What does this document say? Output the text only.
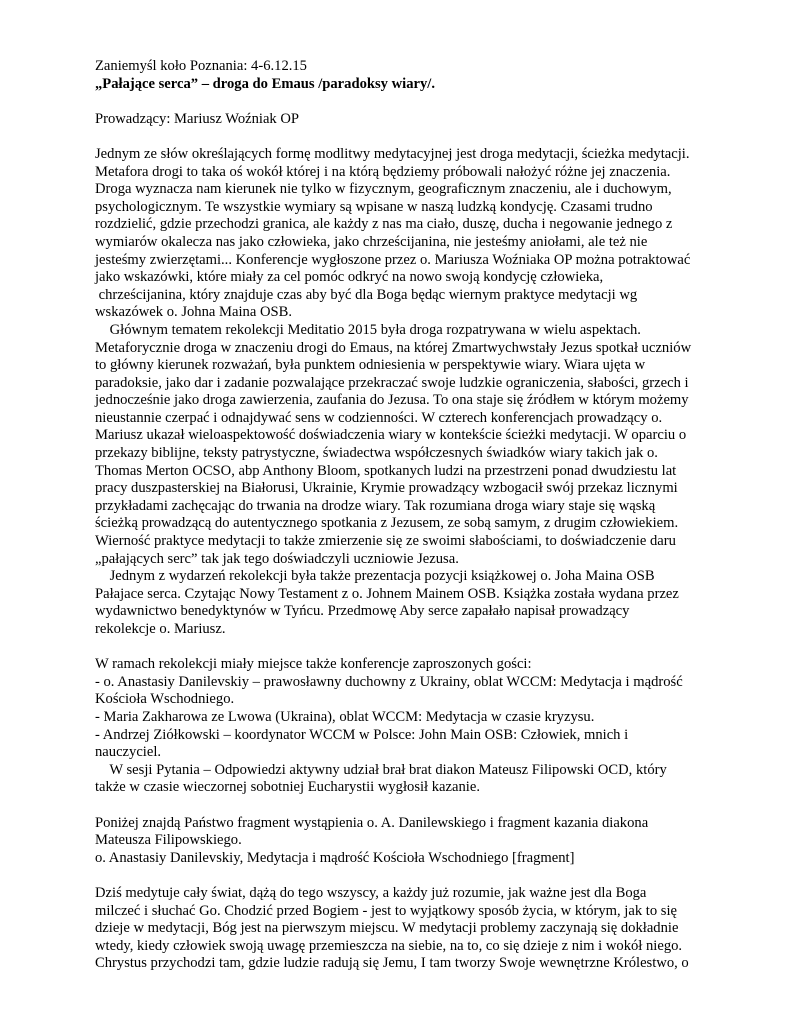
Zaniemyśl koło Poznania: 4-6.12.15
„Pałające serca” – droga do Emaus /paradoksy wiary/.
Prowadzący: Mariusz Woźniak OP
Jednym ze słów określających formę modlitwy medytacyjnej jest droga medytacji, ścieżka medytacji.
Metafora drogi to taka oś wokół której i na którą będziemy próbowali nałożyć różne jej znaczenia.
Droga wyznacza nam kierunek nie tylko w fizycznym, geograficznym znaczeniu, ale i duchowym,
psychologicznym. Te wszystkie wymiary są wpisane w naszą ludzką kondycję. Czasami trudno
rozdzielić, gdzie przechodzi granica, ale każdy z nas ma ciało, duszę, ducha i negowanie jednego z
wymiarów okalecza nas jako człowieka, jako chrześcijanina, nie jesteśmy aniołami, ale też nie
jesteśmy zwierzętami... Konferencje wygłoszone przez o. Mariusza Woźniaka OP można potraktować
jako wskazówki, które miały za cel pomóc odkryć na nowo swoją kondycję człowieka,
chrześcijanina, który znajduje czas aby być dla Boga będąc wiernym praktyce medytacji wg
wskazówek o. Johna Maina OSB.
Głównym tematem rekolekcji Meditatio 2015 była droga rozpatrywana w wielu aspektach.
Metaforycznie droga w znaczeniu drogi do Emaus, na której Zmartwychwstały Jezus spotkał uczniów
to główny kierunek rozważań, była punktem odniesienia w perspektywie wiary. Wiara ujęta w
paradoksie, jako dar i zadanie pozwalające przekraczać swoje ludzkie ograniczenia, słabości, grzech i
jednocześnie jako droga zawierzenia, zaufania do Jezusa. To ona staje się źródłem w którym możemy
nieustannie czerpać i odnajdywać sens w codzienności. W czterech konferencjach prowadzący o.
Mariusz ukazał wieloaspektowość doświadczenia wiary w kontekście ścieżki medytacji. W oparciu o
przekazy biblijne, teksty patrystyczne, świadectwa współczesnych świadków wiary takich jak o.
Thomas Merton OCSO, abp Anthony Bloom, spotkanych ludzi na przestrzeni ponad dwudziestu lat
pracy duszpasterskiej na Białorusi, Ukrainie, Krymie prowadzący wzbogacił swój przekaz licznymi
przykładami zachęcając do trwania na drodze wiary. Tak rozumiana droga wiary staje się wąską
ścieżką prowadzącą do autentycznego spotkania z Jezusem, ze sobą samym, z drugim człowiekiem.
Wierność praktyce medytacji to także zmierzenie się ze swoimi słabościami, to doświadczenie daru
„pałających serc” tak jak tego doświadczyli uczniowie Jezusa.
Jednym z wydarzeń rekolekcji była także prezentacja pozycji książkowej o. Joha Maina OSB
Pałajace serca. Czytając Nowy Testament z o. Johnem Mainem OSB. Książka została wydana przez
wydawnictwo benedyktynów w Tyńcu. Przedmowę Aby serce zapałało napisał prowadzący
rekolekcje o. Mariusz.
W ramach rekolekcji miały miejsce także konferencje zaproszonych gości:
- o. Anastasiy Danilevskiy – prawosławny duchowny z Ukrainy, oblat WCCM: Medytacja i mądrość
Kościoła Wschodniego.
- Maria Zakharowa ze Lwowa (Ukraina), oblat WCCM: Medytacja w czasie kryzysu.
- Andrzej Ziółkowski – koordynator WCCM w Polsce: John Main OSB: Człowiek, mnich i
nauczyciel.
W sesji Pytania – Odpowiedzi aktywny udział brał brat diakon Mateusz Filipowski OCD, który
także w czasie wieczornej sobotniej Eucharystii wygłosił kazanie.
Poniżej znajdą Państwo fragment wystąpienia o. A. Danilewskiego i fragment kazania diakona
Mateusza Filipowskiego.
o. Anastasiy Danilevskiy, Medytacja i mądrość Kościoła Wschodniego [fragment]
Dziś medytuje cały świat, dążą do tego wszyscy, a każdy już rozumie, jak ważne jest dla Boga
milczeć i słuchać Go. Chodzić przed Bogiem - jest to wyjątkowy sposób życia, w którym, jak to się
dzieje w medytacji, Bóg jest na pierwszym miejscu. W medytacji problemy zaczynają się dokładnie
wtedy, kiedy człowiek swoją uwagę przemieszcza na siebie, na to, co się dzieje z nim i wokół niego.
Chrystus przychodzi tam, gdzie ludzie radują się Jemu, I tam tworzy Swoje wewnętrzne Królestwo, o
